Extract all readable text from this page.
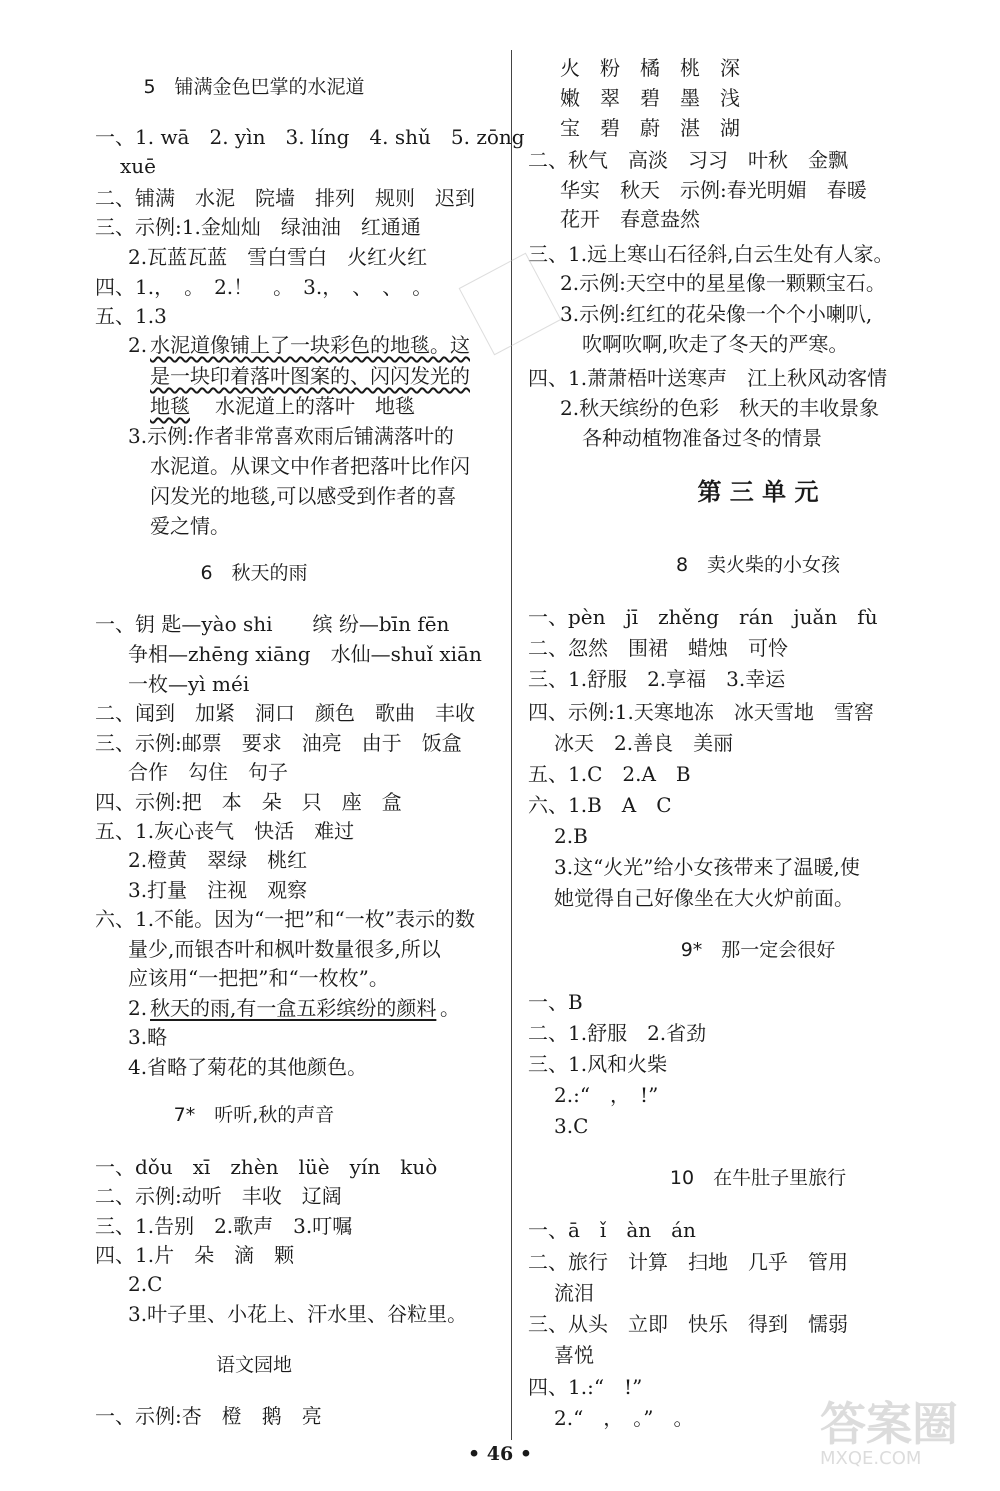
5　铺满金色巴掌的水泥道
一、1. wā　2. yìn　3. líng　4. shǔ　5. zōng
xuē
二、铺满　水泥　院墙　排列　规则　迟到
三、示例:1.金灿灿　绿油油　红通通
2.瓦蓝瓦蓝　雪白雪白　火红火红
四、1.，　。　2.！　。　3.，　、　、　。
五、1.3
2. 水泥道像铺上了一块彩色的地毯。这
是一块印着落叶图案的、闪闪发光的
地毯 　水泥道上的落叶　地毯
3.示例:作者非常喜欢雨后铺满落叶的
水泥道。从课文中作者把落叶比作闪
闪发光的地毯,可以感受到作者的喜
爱之情。
6　秋天的雨
一、钥 匙—yào shi　　缤 纷—bīn fēn
争相—zhēng xiāng　水仙—shuǐ xiān
一枚—yì méi
二、闻到　加紧　洞口　颜色　歌曲　丰收
三、示例:邮票　要求　油亮　由于　饭盒
合作　勾住　句子
四、示例:把　本　朵　只　座　盒
五、1.灰心丧气　快活　难过
2.橙黄　翠绿　桃红
3.打量　注视　观察
六、1.不能。因为“一把”和“一枚”表示的数
量少,而银杏叶和枫叶数量很多,所以
应该用“一把把”和“一枚枚”。
2. 秋天的雨,有一盒五彩缤纷的颜料 。
3.略
4.省略了菊花的其他颜色。
7*　听听,秋的声音
一、dǒu　xī　zhèn　lüè　yín　kuò
二、示例:动听　丰收　辽阔
三、1.告别　2.歌声　3.叮嘱
四、1.片　朵　滴　颗
2.C
3.叶子里、小花上、汗水里、谷粒里。
语文园地
一、示例:杏　橙　鹅　亮
火　粉　橘　桃　深
嫩　翠　碧　墨　浅
宝　碧　蔚　湛　湖
二、秋气　高淡　习习　叶秋　金飘
华实　秋天　示例:春光明媚　春暖
花开　春意盎然
三、1.远上寒山石径斜,白云生处有人家。
2.示例:天空中的星星像一颗颗宝石。
3.示例:红红的花朵像一个个小喇叭,
吹啊吹啊,吹走了冬天的严寒。
四、1.萧萧梧叶送寒声　江上秋风动客情
2.秋天缤纷的色彩　秋天的丰收景象
各种动植物准备过冬的情景
第 三 单 元
8　卖火柴的小女孩
一、pèn　jī　zhěng　rán　juǎn　fù
二、忽然　围裙　蜡烛　可怜
三、1.舒服　2.享福　3.幸运
四、示例:1.天寒地冻　冰天雪地　雪窖
冰天　2.善良　美丽
五、1.C　2.A　B
六、1.B　A　C
2.B
3.这“火光”给小女孩带来了温暖,使
她觉得自己好像坐在大火炉前面。
9*　那一定会很好
一、B
二、1.舒服　2.省劲
三、1.风和火柴
2.:“　，　!”
3.C
10　在牛肚子里旅行
一、ā　ǐ　àn　án
二、旅行　计算　扫地　几乎　管用
流泪
三、从头　立即　快乐　得到　懦弱
喜悦
四、1.:“　!”
2.“　，　。”　。
• 46 •
答案圈
MXQE.COM
